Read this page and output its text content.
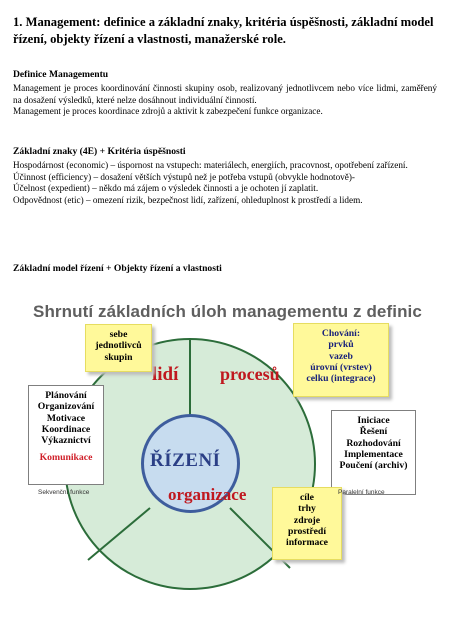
1. Management: definice a základní znaky, kritéria úspěšnosti, základní model řízení, objekty řízení a vlastnosti, manažerské role.
Definice Managementu
Management je proces koordinování činnosti skupiny osob, realizovaný jednotlivcem nebo více lidmi, zaměřený na dosažení výsledků, které nelze dosáhnout individuální činností.
Management je proces koordinace zdrojů a aktivit k zabezpečení funkce organizace.
Základní znaky (4E) + Kritéria úspěšnosti
Hospodárnost (economic) – úspornost na vstupech: materiálech, energiích, pracovnost, opotřebení zařízení.
Účinnost (efficiency) – dosažení větších výstupů než je potřeba vstupů (obvykle hodnotově)-
Účelnost (expedient) – někdo má zájem o výsledek činnosti a je ochoten jí zaplatit.
Odpovědnost (etic) – omezení rizik, bezpečnost lidí, zařízení, ohleduplnost k prostředí a lidem.
Základní model řízení + Objekty řízení a vlastnosti
Shrnutí základních úloh managementu z definic
lidí procesů
ŘÍZENÍ
organizace
sebe
jednotlivců
skupin
Chování:
prvků
vazeb
úrovní (vrstev)
celku (integrace)
Plánování
Organizování
Motivace
Koordinace
Výkaznictví
Komunikace
Iniciace
Řešení
Rozhodování
Implementace
Poučení (archiv)
cíle
trhy
zdroje
prostředí
informace
Sekvenční funkce	Paralelní funkce
